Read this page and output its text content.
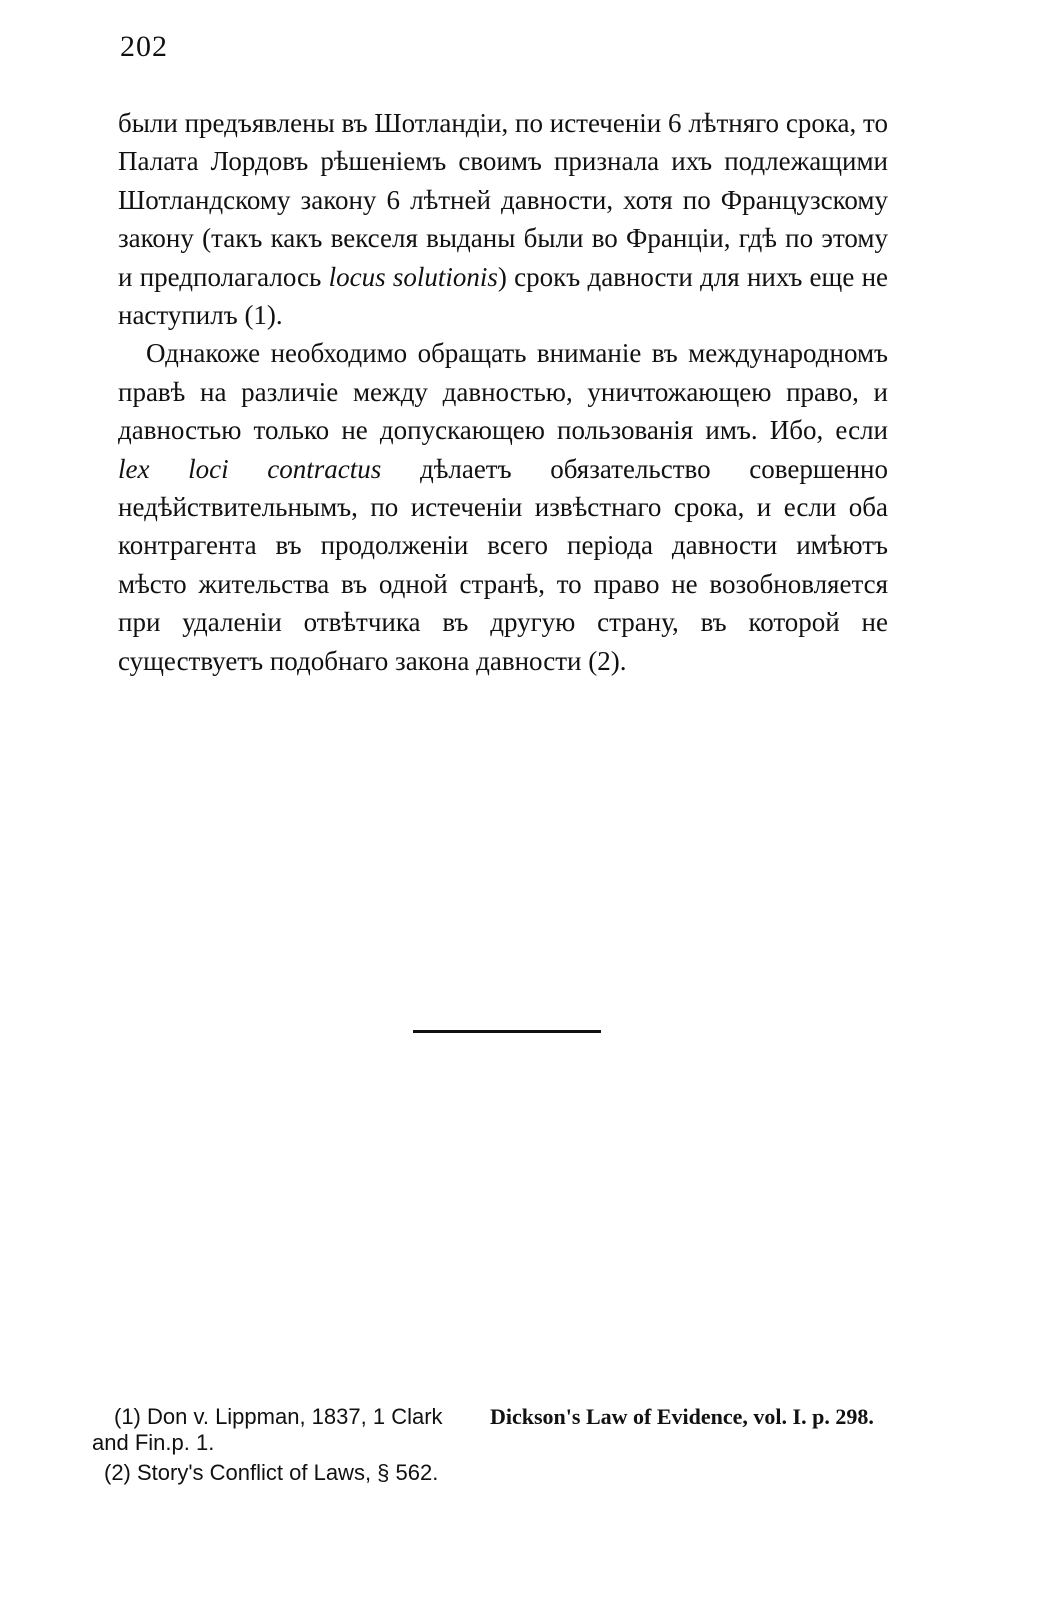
202

были предъявлены въ Шотландіи, по истеченіи 6 лѣтняго срока, то Палата Лордовъ рѣшеніемъ своимъ признала ихъ подлежащими Шотландскому закону 6 лѣтней давности, хотя по Французскому закону (такъ какъ векселя выданы были во Франціи, гдѣ по этому и предполагалось locus solutionis) срокъ давности для нихъ еще не наступилъ (1).

Однакоже необходимо обращать вниманіе въ международномъ правѣ на различіе между давностью, уничтожающею право, и давностью только не допускающею пользованія имъ. Ибо, если lex loci contractus дѣлаетъ обязательство совершенно недѣйствительнымъ, по истеченіи извѣстнаго срока, и если оба контрагента въ продолженіи всего періода давности имѣютъ мѣсто жительства въ одной странѣ, то право не возобновляется при удаленіи отвѣтчика въ другую страну, въ которой не существуетъ подобнаго закона давности (2).

(1) Don v. Lippman, 1837, 1 Clark and Fin.p. 1.
(2) Story's Conflict of Laws, § 562.
Dickson's Law of Evidence, vol. I. p. 298.
